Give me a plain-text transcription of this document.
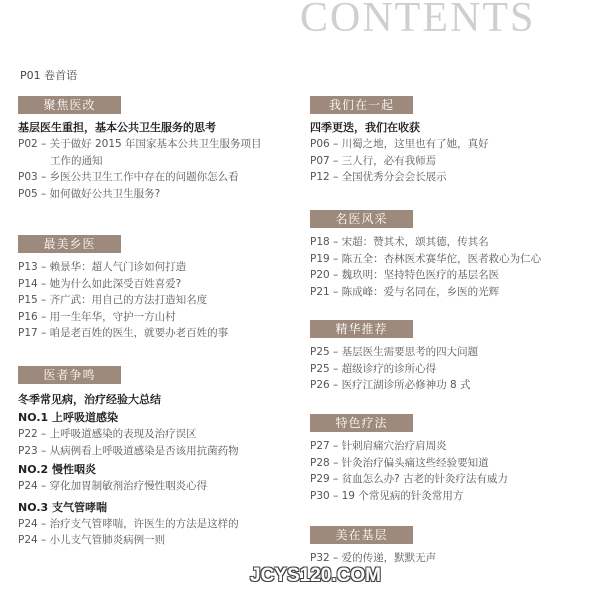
CONTENTS
P01 卷首语
聚焦医改
基层医生重担，基本公共卫生服务的思考
P02 – 关于做好 2015 年国家基本公共卫生服务项目
工作的通知
P03 – 乡医公共卫生工作中存在的问题你怎么看
P05 – 如何做好公共卫生服务?
最美乡医
P13 – 赖景华：超人气门诊如何打造
P14 – 她为什么如此深受百姓喜爱?
P15 – 齐广武：用自己的方法打造知名度
P16 – 用一生年华，守护一方山村
P17 – 咱是老百姓的医生，就要办老百姓的事
医者争鸣
冬季常见病，治疗经验大总结
NO.1 上呼吸道感染
P22 – 上呼吸道感染的表现及治疗误区
P23 – 从病例看上呼吸道感染是否该用抗菌药物
NO.2 慢性咽炎
P24 – 穿化加胃制敏剂治疗慢性咽炎心得
NO.3 支气管哮喘
P24 – 治疗支气管哮喘，许医生的方法是这样的
P24 – 小儿支气管肺炎病例一则
我们在一起
四季更迭，我们在收获
P06 – 川蜀之地，这里也有了她，真好
P07 – 三人行，必有我师焉
P12 – 全国优秀分会会长展示
名医风采
P18 – 宋超：赞其术，颂其德，传其名
P19 – 陈五全：杏林医术赛华佗，医者救心为仁心
P20 – 魏玖明：坚持特色医疗的基层名医
P21 – 陈成峰：爱与名同在，乡医的光辉
精华推荐
P25 – 基层医生需要思考的四大问题
P25 – 超级诊疗的诊所心得
P26 – 医疗江湖诊所必修神功 8 式
特色疗法
P27 – 针刺肩痛穴治疗肩周炎
P28 – 针灸治疗偏头痛这些经验要知道
P29 – 贫血怎么办? 古老的针灸疗法有威力
P30 – 19 个常见病的针灸常用方
美在基层
P32 – 爱的传递，默默无声
JCYS120.COM
